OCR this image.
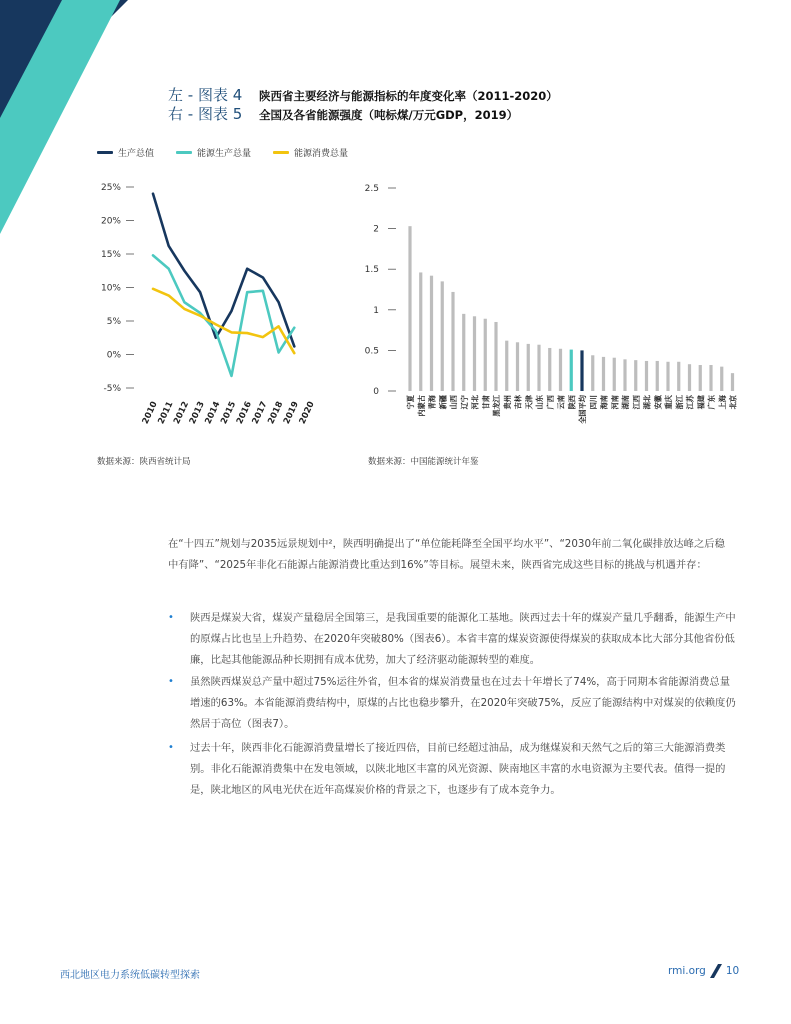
左 - 图表 4	陕西省主要经济与能源指标的年度变化率（2011-2020）
右 - 图表 5	全国及各省能源强度（吨标煤/万元GDP，2019）
生产总值	能源生产总量	能源消费总量
25%
20%
15%
10%
5%
0%
-5%
2010
2011
2012
2013
2014
2015
2016
2017
2018
2019
2020
2.5
2
1.5
1
0.5
0
宁夏 内蒙古 青海 新疆 山西 辽宁 河北 甘肃 黑龙江 贵州 吉林 天津 山东 广西 云南 陕西 全国平均 四川 海南 河南 湖南 江西 湖北 安徽 重庆 浙江 江苏 福建 广东 上海 北京
数据来源：陕西省统计局	数据来源：中国能源统计年鉴
在“十四五”规划与2035远景规划中²，陕西明确提出了“单位能耗降至全国平均水平”、“2030年前二氧化碳排放达峰之后稳中有降”、“2025年非化石能源占能源消费比重达到16%”等目标。展望未来，陕西省完成这些目标的挑战与机遇并存：
• 陕西是煤炭大省，煤炭产量稳居全国第三，是我国重要的能源化工基地。陕西过去十年的煤炭产量几乎翻番，能源生产中的原煤占比也呈上升趋势、在2020年突破80%（图表6）。本省丰富的煤炭资源使得煤炭的获取成本比大部分其他省份低廉，比起其他能源品种长期拥有成本优势，加大了经济驱动能源转型的难度。
• 虽然陕西煤炭总产量中超过75%运往外省，但本省的煤炭消费量也在过去十年增长了74%，高于同期本省能源消费总量增速的63%。本省能源消费结构中，原煤的占比也稳步攀升，在2020年突破75%，反应了能源结构中对煤炭的依赖度仍然居于高位（图表7）。
• 过去十年，陕西非化石能源消费量增长了接近四倍，目前已经超过油品，成为继煤炭和天然气之后的第三大能源消费类别。非化石能源消费集中在发电领域，以陕北地区丰富的风光资源、陕南地区丰富的水电资源为主要代表。值得一提的是，陕北地区的风电光伏在近年高煤炭价格的背景之下，也逐步有了成本竞争力。
西北地区电力系统低碳转型探索	rmi.org 10
